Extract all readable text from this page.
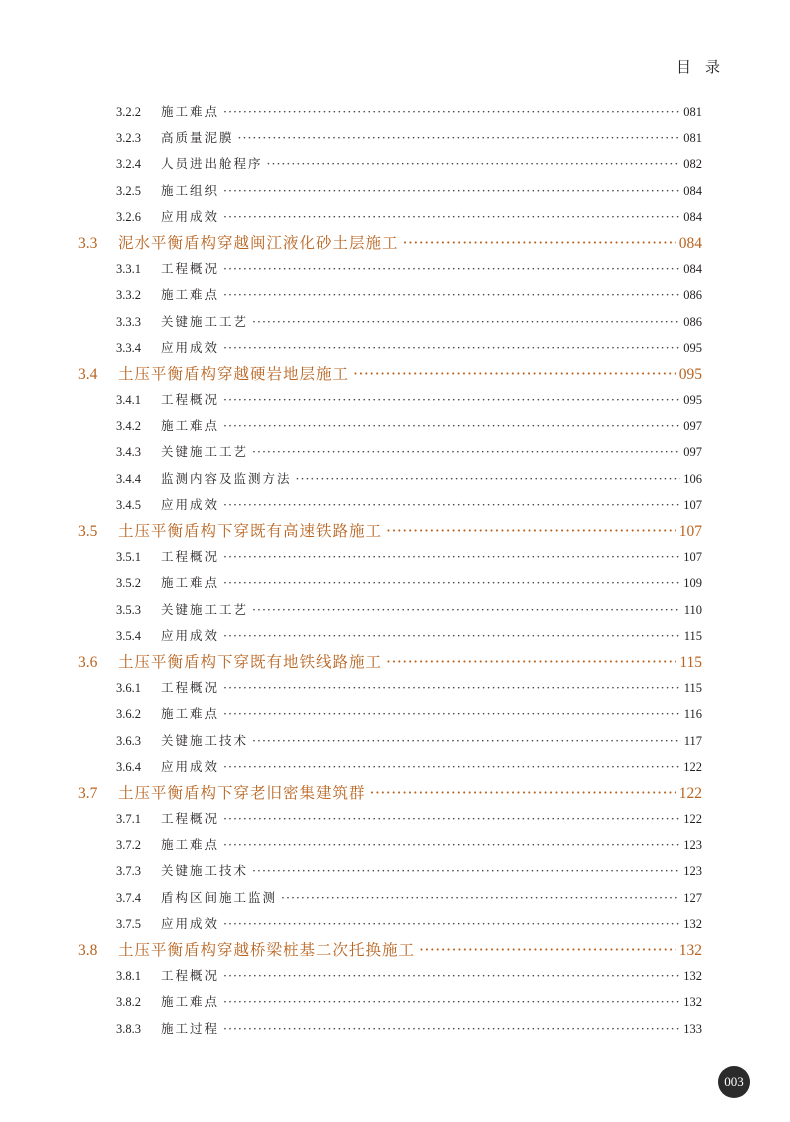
目录
3.2.2	施工难点 ·····	081
3.2.3	高质量泥膜 ·····	081
3.2.4	人员进出舱程序 ·····	082
3.2.5	施工组织 ·····	084
3.2.6	应用成效 ·····	084
3.3	泥水平衡盾构穿越闽江液化砂土层施工 ·····	084
3.3.1	工程概况 ·····	084
3.3.2	施工难点 ·····	086
3.3.3	关键施工工艺 ·····	086
3.3.4	应用成效 ·····	095
3.4	土压平衡盾构穿越硬岩地层施工 ·····	095
3.4.1	工程概况 ·····	095
3.4.2	施工难点 ·····	097
3.4.3	关键施工工艺 ·····	097
3.4.4	监测内容及监测方法 ·····	106
3.4.5	应用成效 ·····	107
3.5	土压平衡盾构下穿既有高速铁路施工 ·····	107
3.5.1	工程概况 ·····	107
3.5.2	施工难点 ·····	109
3.5.3	关键施工工艺 ·····	110
3.5.4	应用成效 ·····	115
3.6	土压平衡盾构下穿既有地铁线路施工 ·····	115
3.6.1	工程概况 ·····	115
3.6.2	施工难点 ·····	116
3.6.3	关键施工技术 ·····	117
3.6.4	应用成效 ·····	122
3.7	土压平衡盾构下穿老旧密集建筑群 ·····	122
3.7.1	工程概况 ·····	122
3.7.2	施工难点 ·····	123
3.7.3	关键施工技术 ·····	123
3.7.4	盾构区间施工监测 ·····	127
3.7.5	应用成效 ·····	132
3.8	土压平衡盾构穿越桥梁桩基二次托换施工 ·····	132
3.8.1	工程概况 ·····	132
3.8.2	施工难点 ·····	132
3.8.3	施工过程 ·····	133
003
